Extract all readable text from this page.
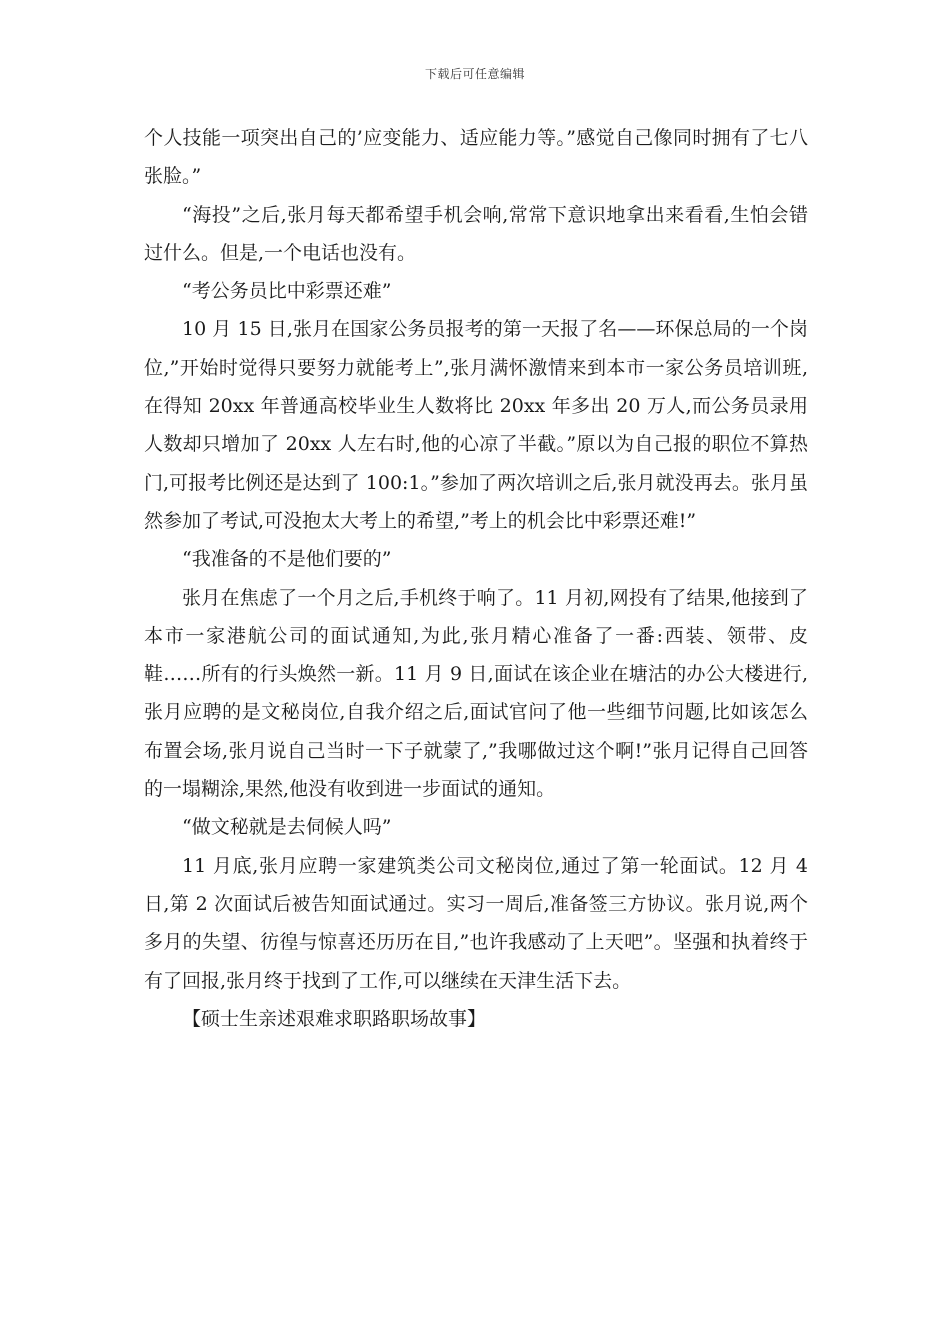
下载后可任意编辑

个人技能一项突出自己的’应变能力、适应能力等。”感觉自己像同时拥有了七八张脸。”

“海投”之后,张月每天都希望手机会响,常常下意识地拿出来看看,生怕会错过什么。但是,一个电话也没有。

“考公务员比中彩票还难”

10 月 15 日,张月在国家公务员报考的第一天报了名——环保总局的一个岗位,”开始时觉得只要努力就能考上”,张月满怀激情来到本市一家公务员培训班,在得知 20xx 年普通高校毕业生人数将比 20xx 年多出 20 万人,而公务员录用人数却只增加了 20xx 人左右时,他的心凉了半截。”原以为自己报的职位不算热门,可报考比例还是达到了 100:1。”参加了两次培训之后,张月就没再去。张月虽然参加了考试,可没抱太大考上的希望,”考上的机会比中彩票还难!”

“我准备的不是他们要的”

张月在焦虑了一个月之后,手机终于响了。11 月初,网投有了结果,他接到了本市一家港航公司的面试通知,为此,张月精心准备了一番:西装、领带、皮鞋……所有的行头焕然一新。11 月 9 日,面试在该企业在塘沽的办公大楼进行,张月应聘的是文秘岗位,自我介绍之后,面试官问了他一些细节问题,比如该怎么布置会场,张月说自己当时一下子就蒙了,”我哪做过这个啊!”张月记得自己回答的一塌糊涂,果然,他没有收到进一步面试的通知。

“做文秘就是去伺候人吗”

11 月底,张月应聘一家建筑类公司文秘岗位,通过了第一轮面试。12 月 4 日,第 2 次面试后被告知面试通过。实习一周后,准备签三方协议。张月说,两个多月的失望、彷徨与惊喜还历历在目,”也许我感动了上天吧”。坚强和执着终于有了回报,张月终于找到了工作,可以继续在天津生活下去。

【硕士生亲述艰难求职路职场故事】
